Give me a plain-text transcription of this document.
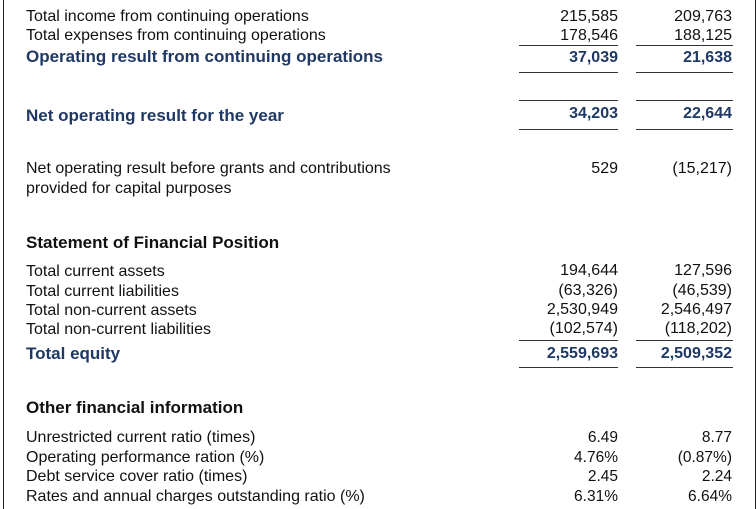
Total income from continuing operations	215,585	209,763
Total expenses from continuing operations	178,546	188,125
Operating result from continuing operations	37,039	21,638
Net operating result for the year	34,203	22,644
Net operating result before grants and contributions
provided for capital purposes
529	(15,217)
Statement of Financial Position
Total current assets	194,644	127,596
Total current liabilities	(63,326)	(46,539)
Total non-current assets	2,530,949	2,546,497
Total non-current liabilities	(102,574)	(118,202)
Total equity	2,559,693	2,509,352
Other financial information
Unrestricted current ratio (times)	6.49	8.77
Operating performance ration (%)	4.76%	(0.87%)
Debt service cover ratio (times)	2.45	2.24
Rates and annual charges outstanding ratio (%)	6.31%	6.64%
